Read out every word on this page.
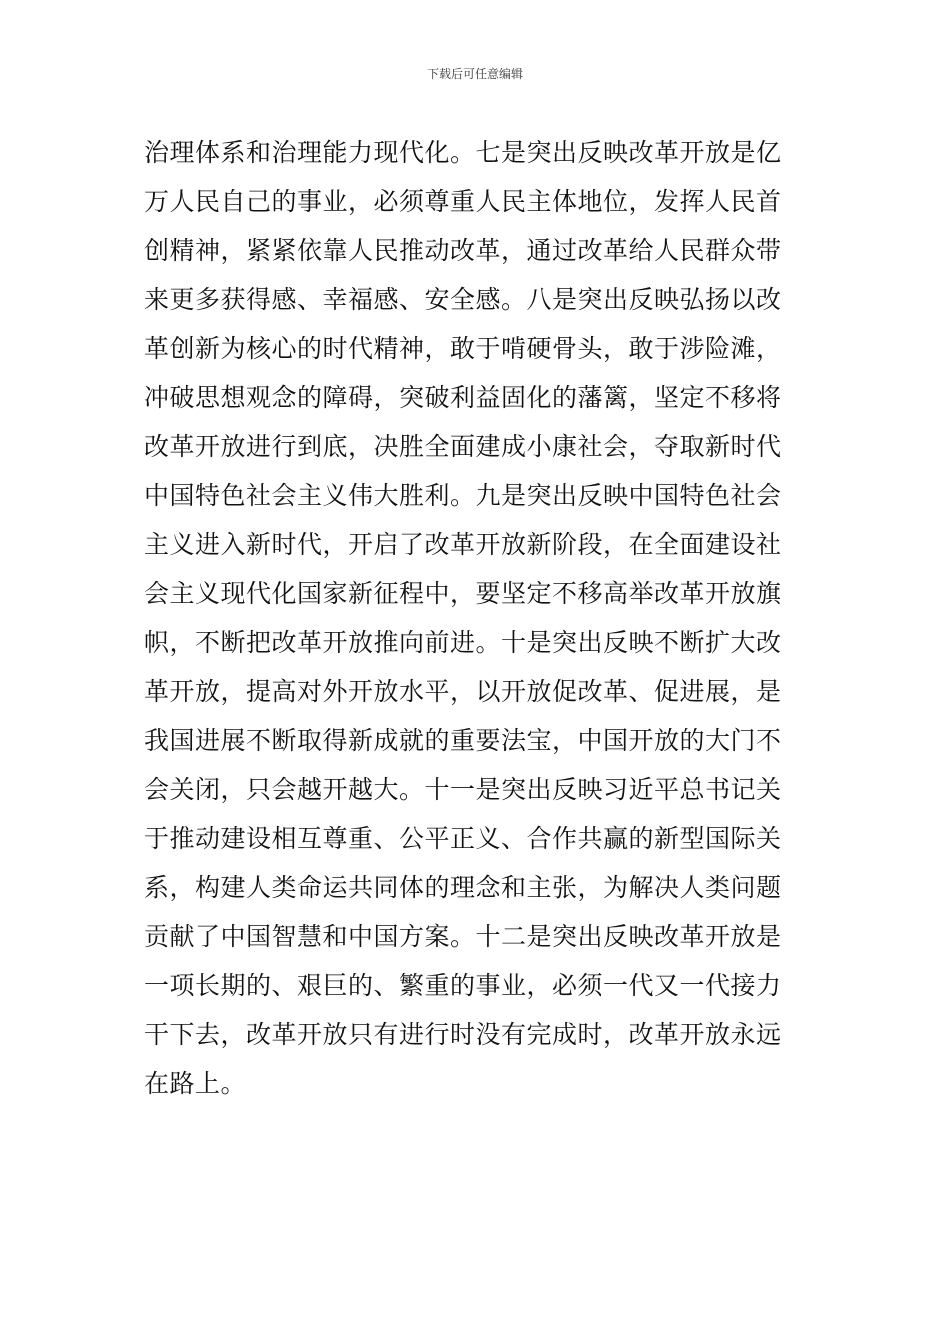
下载后可任意编辑
治理体系和治理能力现代化。七是突出反映改革开放是亿
万人民自己的事业，必须尊重人民主体地位，发挥人民首
创精神，紧紧依靠人民推动改革，通过改革给人民群众带
来更多获得感、幸福感、安全感。八是突出反映弘扬以改
革创新为核心的时代精神，敢于啃硬骨头，敢于涉险滩，
冲破思想观念的障碍，突破利益固化的藩篱，坚定不移将
改革开放进行到底，决胜全面建成小康社会，夺取新时代
中国特色社会主义伟大胜利。九是突出反映中国特色社会
主义进入新时代，开启了改革开放新阶段，在全面建设社
会主义现代化国家新征程中，要坚定不移高举改革开放旗
帜，不断把改革开放推向前进。十是突出反映不断扩大改
革开放，提高对外开放水平，以开放促改革、促进展，是
我国进展不断取得新成就的重要法宝，中国开放的大门不
会关闭，只会越开越大。十一是突出反映习近平总书记关
于推动建设相互尊重、公平正义、合作共赢的新型国际关
系，构建人类命运共同体的理念和主张，为解决人类问题
贡献了中国智慧和中国方案。十二是突出反映改革开放是
一项长期的、艰巨的、繁重的事业，必须一代又一代接力
干下去，改革开放只有进行时没有完成时，改革开放永远
在路上。
